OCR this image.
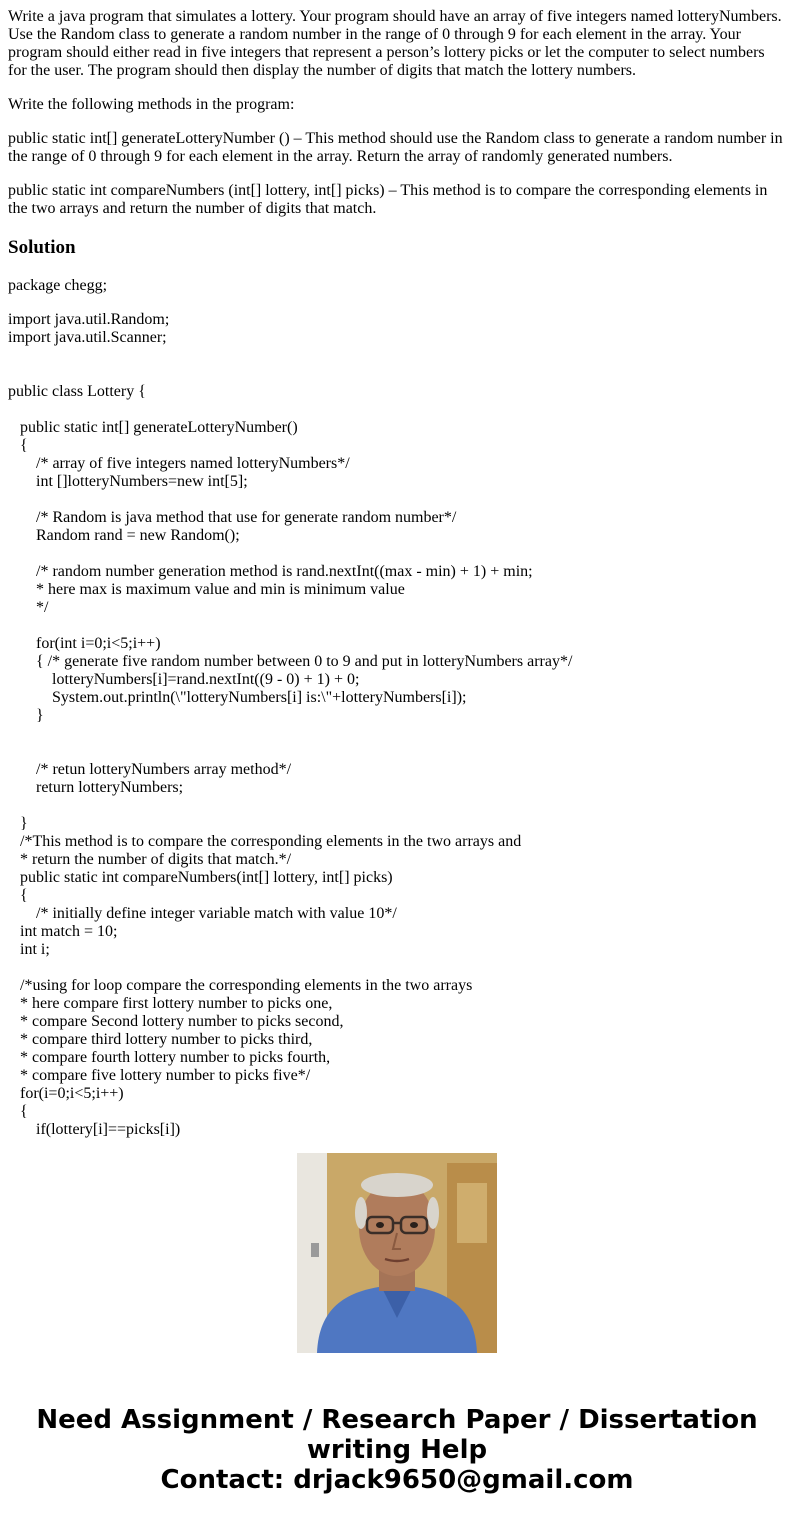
Write a java program that simulates a lottery. Your program should have an array of five integers named lotteryNumbers. Use the Random class to generate a random number in the range of 0 through 9 for each element in the array. Your program should either read in five integers that represent a person’s lottery picks or let the computer to select numbers for the user. The program should then display the number of digits that match the lottery numbers.

Write the following methods in the program:

public static int[] generateLotteryNumber () – This method should use the Random class to generate a random number in the range of 0 through 9 for each element in the array. Return the array of randomly generated numbers.

public static int compareNumbers (int[] lottery, int[] picks) – This method is to compare the corresponding elements in the two arrays and return the number of digits that match.

Solution
package chegg;
import java.util.Random;
import java.util.Scanner;
public class Lottery {
public static int[] generateLotteryNumber()
{
/* array of five integers named lotteryNumbers*/
int []lotteryNumbers=new int[5];
/* Random is java method that use for generate random number*/
Random rand = new Random();
/* random number generation method is rand.nextInt((max - min) + 1) + min;
* here max is maximum value and min is minimum value
*/
for(int i=0;i<5;i++)
{ /* generate five random number between 0 to 9 and put in lotteryNumbers array*/
lotteryNumbers[i]=rand.nextInt((9 - 0) + 1) + 0;
System.out.println(\"lotteryNumbers[i] is:\"+lotteryNumbers[i]);
}
/* retun lotteryNumbers array method*/
return lotteryNumbers;
}
/*This method is to compare the corresponding elements in the two arrays and
* return the number of digits that match.*/
public static int compareNumbers(int[] lottery, int[] picks)
{
/* initially define integer variable match with value 10*/
int match = 10;
int i;
/*using for loop compare the corresponding elements in the two arrays
* here compare first lottery number to picks one,
* compare Second lottery number to picks second,
* compare third lottery number to picks third,
* compare fourth lottery number to picks fourth,
* compare five lottery number to picks five*/
for(i=0;i<5;i++)
{
if(lottery[i]==picks[i])
Need Assignment / Research Paper / Dissertation
writing Help
Contact: drjack9650@gmail.com
